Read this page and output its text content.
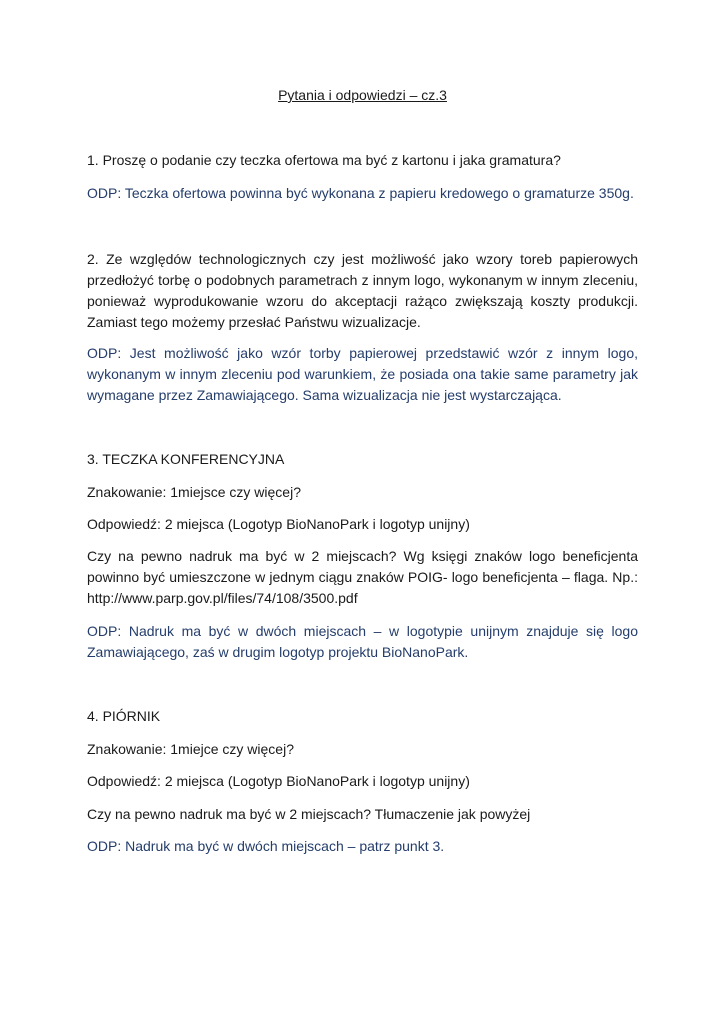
Pytania i odpowiedzi – cz.3
1. Proszę o podanie czy teczka ofertowa ma być z kartonu i jaka gramatura?
ODP: Teczka ofertowa powinna być wykonana z papieru kredowego o gramaturze 350g.
2. Ze względów technologicznych czy jest możliwość jako wzory toreb papierowych przedłożyć torbę o podobnych parametrach z innym logo, wykonanym w innym zleceniu, ponieważ wyprodukowanie wzoru do akceptacji rażąco zwiększają koszty produkcji. Zamiast tego możemy przesłać Państwu wizualizacje.
ODP: Jest możliwość jako wzór torby papierowej przedstawić wzór z innym logo, wykonanym w innym zleceniu pod warunkiem, że posiada ona takie same parametry jak wymagane przez Zamawiającego. Sama wizualizacja nie jest wystarczająca.
3. TECZKA KONFERENCYJNA
Znakowanie: 1miejsce czy więcej?
Odpowiedź: 2 miejsca (Logotyp BioNanoPark i logotyp unijny)
Czy na pewno nadruk ma być w 2 miejscach? Wg księgi znaków logo beneficjenta powinno być umieszczone w jednym ciągu znaków POIG- logo beneficjenta – flaga. Np.: http://www.parp.gov.pl/files/74/108/3500.pdf
ODP: Nadruk ma być w dwóch miejscach – w logotypie unijnym znajduje się logo Zamawiającego, zaś w drugim logotyp projektu BioNanoPark.
4. PIÓRNIK
Znakowanie: 1miejce czy więcej?
Odpowiedź: 2 miejsca (Logotyp BioNanoPark i logotyp unijny)
Czy na pewno nadruk ma być w 2 miejscach? Tłumaczenie jak powyżej
ODP: Nadruk ma być w dwóch miejscach – patrz punkt 3.
